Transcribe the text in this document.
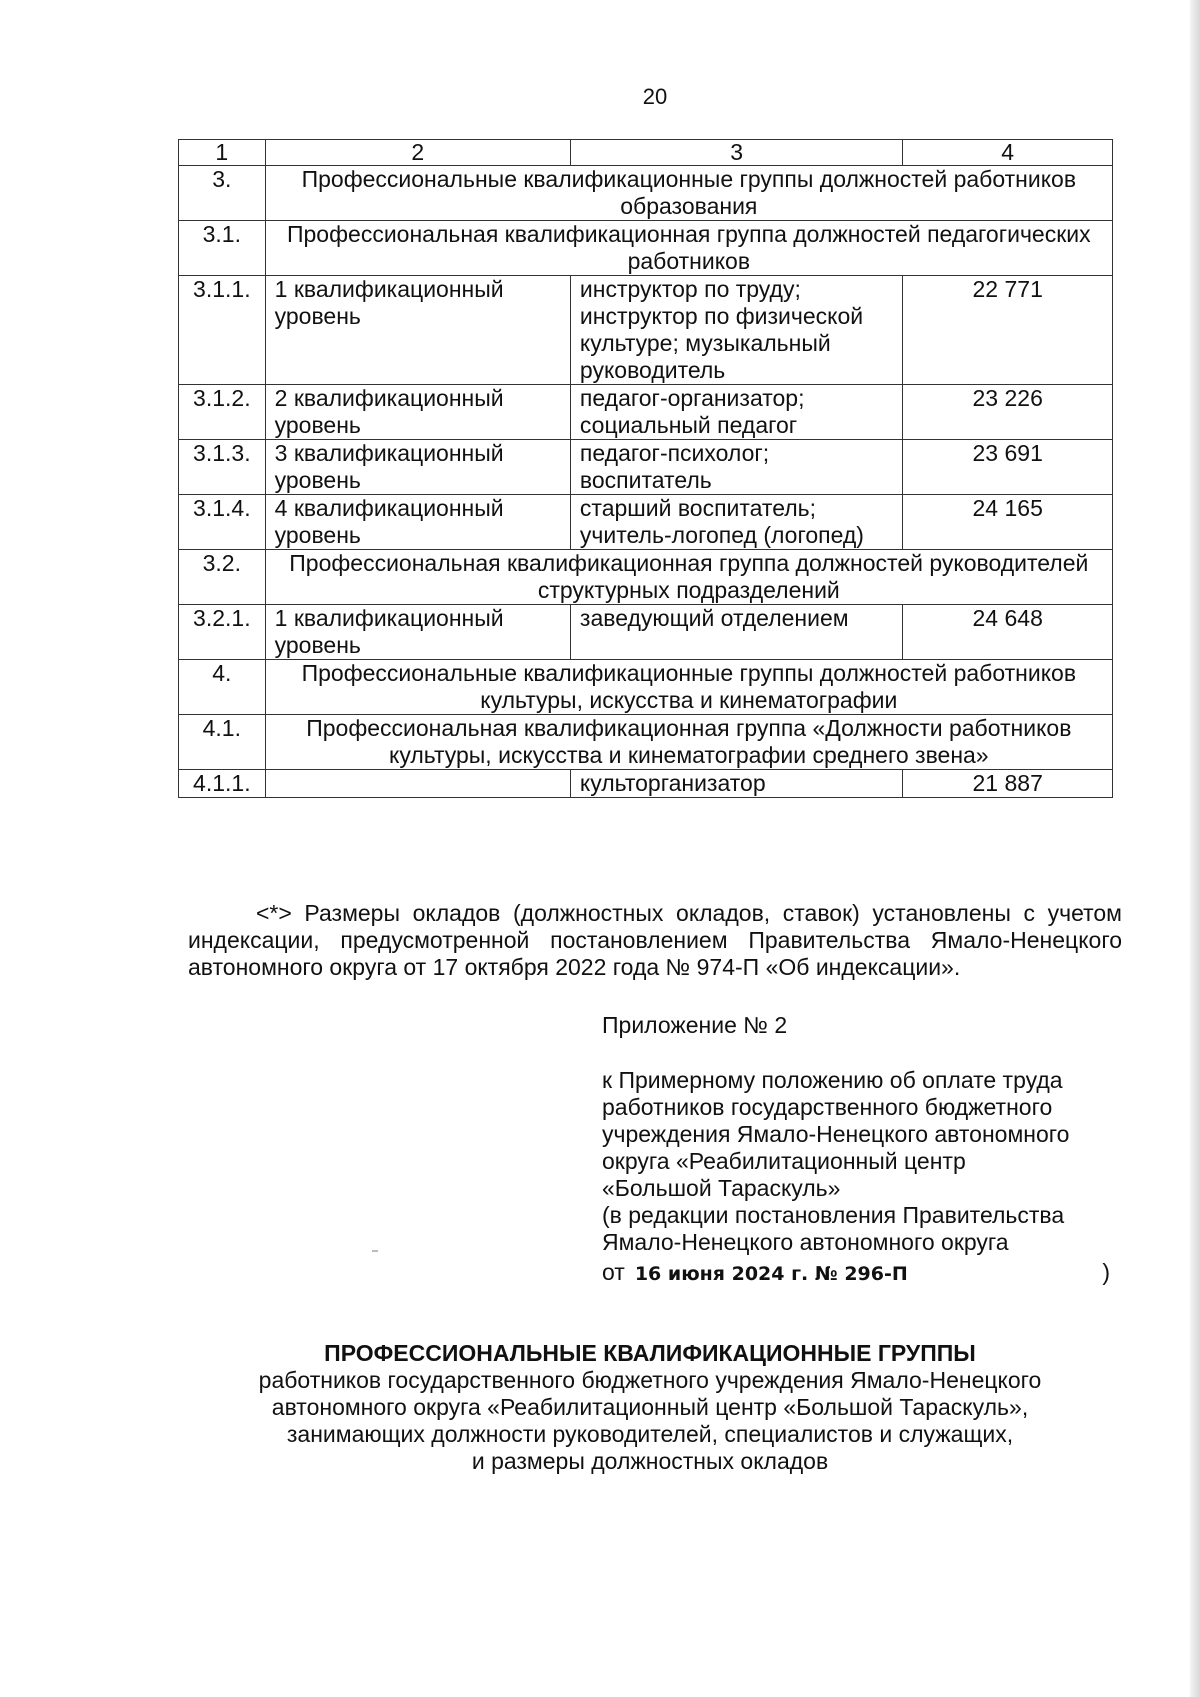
20
1	2	3	4
3.	Профессиональные квалификационные группы должностей работников образования		
3.1.	Профессиональная квалификационная группа должностей педагогических работников		
3.1.1.	1 квалификационный уровень	инструктор по труду; инструктор по физической культуре; музыкальный руководитель	22 771
3.1.2.	2 квалификационный уровень	педагог-организатор; социальный педагог	23 226
3.1.3.	3 квалификационный уровень	педагог-психолог; воспитатель	23 691
3.1.4.	4 квалификационный уровень	старший воспитатель; учитель-логопед (логопед)	24 165
3.2.	Профессиональная квалификационная группа должностей руководителей структурных подразделений		
3.2.1.	1 квалификационный уровень	заведующий отделением	24 648
4.	Профессиональные квалификационные группы должностей работников культуры, искусства и кинематографии		
4.1.	Профессиональная квалификационная группа «Должности работников культуры, искусства и кинематографии среднего звена»		
4.1.1.		культорганизатор	21 887
<*> Размеры окладов (должностных окладов, ставок) установлены с учетом индексации, предусмотренной постановлением Правительства Ямало-Ненецкого автономного округа от 17 октября 2022 года № 974-П «Об индексации».
Приложение № 2
к Примерному положению об оплате труда
работников государственного бюджетного
учреждения Ямало-Ненецкого автономного
округа «Реабилитационный центр
«Большой Тараскуль»
(в редакции постановления Правительства
Ямало-Ненецкого автономного округа
от 16 июня 2024 г. № 296-П	)
ПРОФЕССИОНАЛЬНЫЕ КВАЛИФИКАЦИОННЫЕ ГРУППЫ
работников государственного бюджетного учреждения Ямало-Ненецкого
автономного округа «Реабилитационный центр «Большой Тараскуль»,
занимающих должности руководителей, специалистов и служащих,
и размеры должностных окладов
